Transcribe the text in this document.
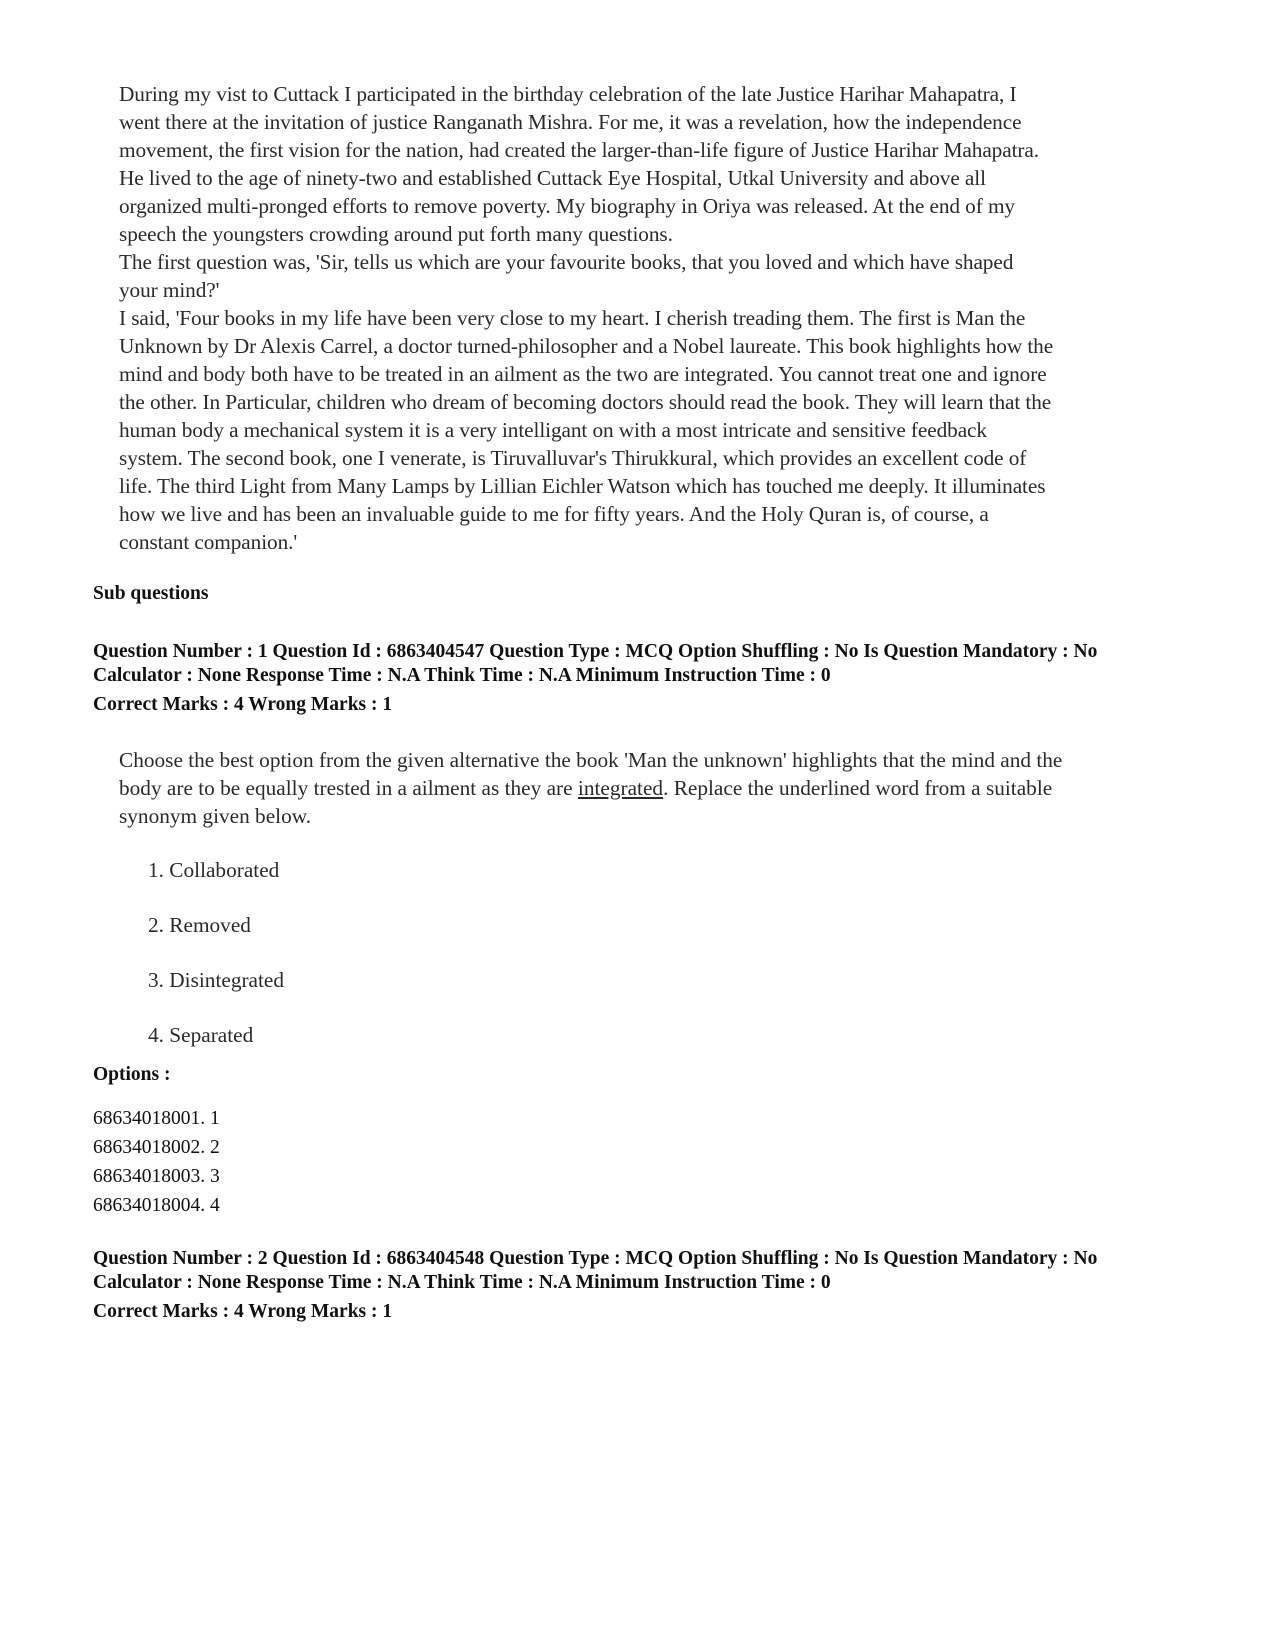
During my vist to Cuttack I participated in the birthday celebration of the late Justice Harihar Mahapatra, I

went there at the invitation of justice Ranganath Mishra. For me, it was a revelation, how the independence

movement, the first vision for the nation, had created the larger-than-life figure of Justice Harihar Mahapatra.

He lived to the age of ninety-two and established Cuttack Eye Hospital, Utkal University and above all

organized multi-pronged efforts to remove poverty. My biography in Oriya was released. At the end of my

speech the youngsters crowding around put forth many questions.

The first question was, 'Sir, tells us which are your favourite books, that you loved and which have shaped

your mind?'

I said, 'Four books in my life have been very close to my heart. I cherish treading them. The first is Man the

Unknown by Dr Alexis Carrel, a doctor turned-philosopher and a Nobel laureate. This book highlights how the

mind and body both have to be treated in an ailment as the two are integrated. You cannot treat one and ignore

the other. In Particular, children who dream of becoming doctors should read the book. They will learn that the

human body a mechanical system it is a very intelligant on with a most intricate and sensitive feedback

system. The second book, one I venerate, is Tiruvalluvar's Thirukkural, which provides an excellent code of

life. The third Light from Many Lamps by Lillian Eichler Watson which has touched me deeply. It illuminates

how we live and has been an invaluable guide to me for fifty years. And the Holy Quran is, of course, a

constant companion.'

Sub questions
Question Number : 1 Question Id : 6863404547 Question Type : MCQ Option Shuffling : No Is Question Mandatory : No
Calculator : None Response Time : N.A Think Time : N.A Minimum Instruction Time : 0
Correct Marks : 4 Wrong Marks : 1

Choose the best option from the given alternative the book 'Man the unknown' highlights that the mind and the

body are to be equally trested in a ailment as they are integrated. Replace the underlined word from a suitable

synonym given below.

1. Collaborated
2. Removed
3. Disintegrated
4. Separated
Options :
68634018001. 1
68634018002. 2
68634018003. 3
68634018004. 4
Question Number : 2 Question Id : 6863404548 Question Type : MCQ Option Shuffling : No Is Question Mandatory : No
Calculator : None Response Time : N.A Think Time : N.A Minimum Instruction Time : 0
Correct Marks : 4 Wrong Marks : 1
